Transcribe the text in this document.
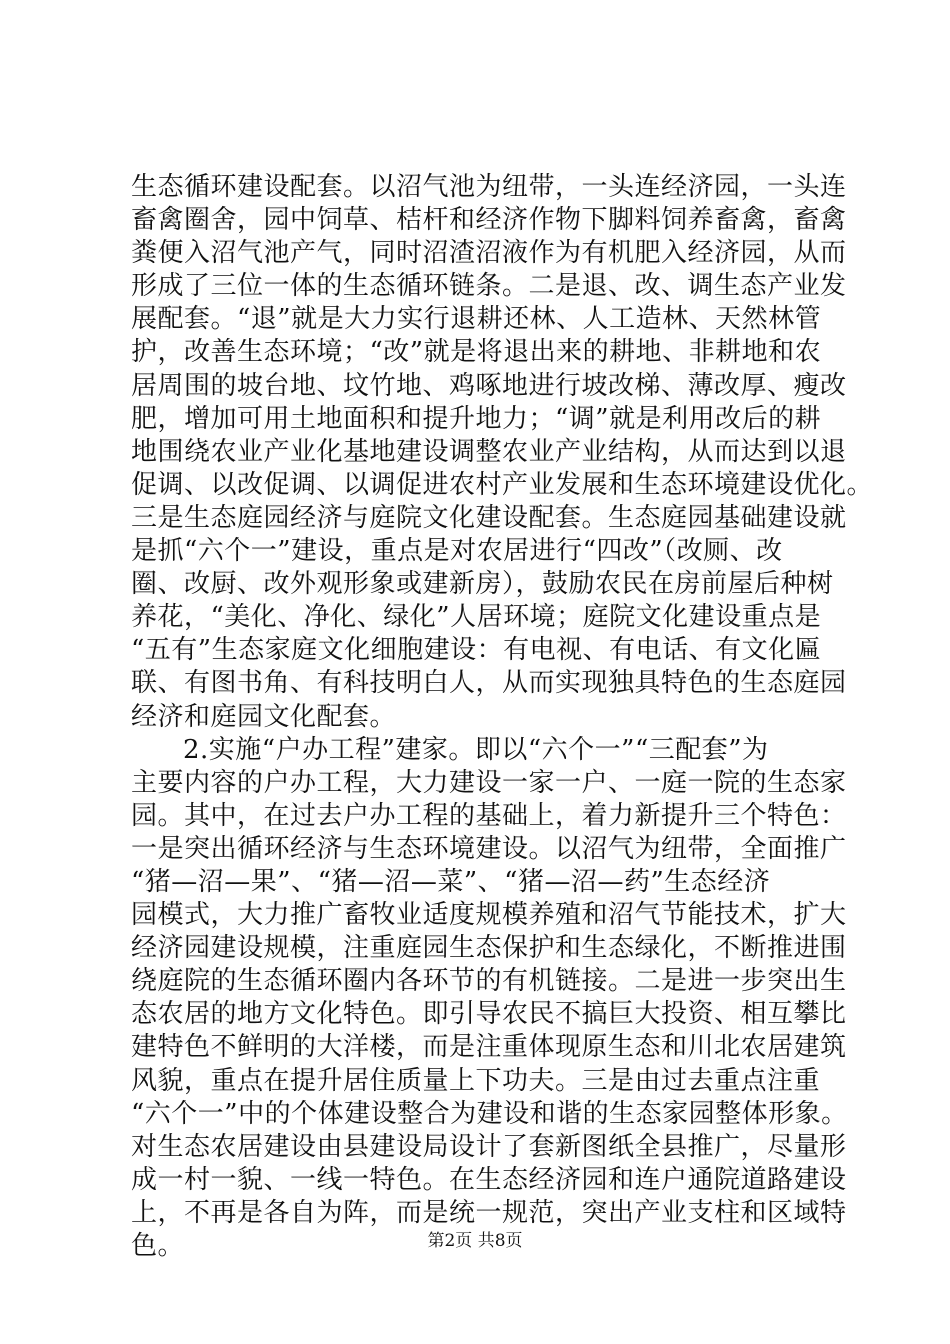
生态循环建设配套。以沼气池为纽带，一头连经济园，一头连
畜禽圈舍，园中饲草、桔杆和经济作物下脚料饲养畜禽，畜禽
粪便入沼气池产气，同时沼渣沼液作为有机肥入经济园，从而
形成了三位一体的生态循环链条。二是退、改、调生态产业发
展配套。“退”就是大力实行退耕还林、人工造林、天然林管
护，改善生态环境；“改”就是将退出来的耕地、非耕地和农
居周围的坡台地、坟竹地、鸡啄地进行坡改梯、薄改厚、瘦改
肥，增加可用土地面积和提升地力；“调”就是利用改后的耕
地围绕农业产业化基地建设调整农业产业结构，从而达到以退
促调、以改促调、以调促进农村产业发展和生态环境建设优化。
三是生态庭园经济与庭院文化建设配套。生态庭园基础建设就
是抓“六个一”建设，重点是对农居进行“四改”（改厕、改
圈、改厨、改外观形象或建新房），鼓励农民在房前屋后种树
养花，“美化、净化、绿化”人居环境；庭院文化建设重点是
“五有”生态家庭文化细胞建设：有电视、有电话、有文化匾
联、有图书角、有科技明白人，从而实现独具特色的生态庭园
经济和庭园文化配套。
2.实施“户办工程”建家。即以“六个一”“三配套”为
主要内容的户办工程，大力建设一家一户、一庭一院的生态家
园。其中，在过去户办工程的基础上，着力新提升三个特色：
一是突出循环经济与生态环境建设。以沼气为纽带，全面推广
“猪—沼—果”、“猪—沼—菜”、“猪—沼—药”生态经济
园模式，大力推广畜牧业适度规模养殖和沼气节能技术，扩大
经济园建设规模，注重庭园生态保护和生态绿化，不断推进围
绕庭院的生态循环圈内各环节的有机链接。二是进一步突出生
态农居的地方文化特色。即引导农民不搞巨大投资、相互攀比
建特色不鲜明的大洋楼，而是注重体现原生态和川北农居建筑
风貌，重点在提升居住质量上下功夫。三是由过去重点注重
“六个一”中的个体建设整合为建设和谐的生态家园整体形象。
对生态农居建设由县建设局设计了套新图纸全县推广，尽量形
成一村一貌、一线一特色。在生态经济园和连户通院道路建设
上，不再是各自为阵，而是统一规范，突出产业支柱和区域特
色。	第2页 共8页
